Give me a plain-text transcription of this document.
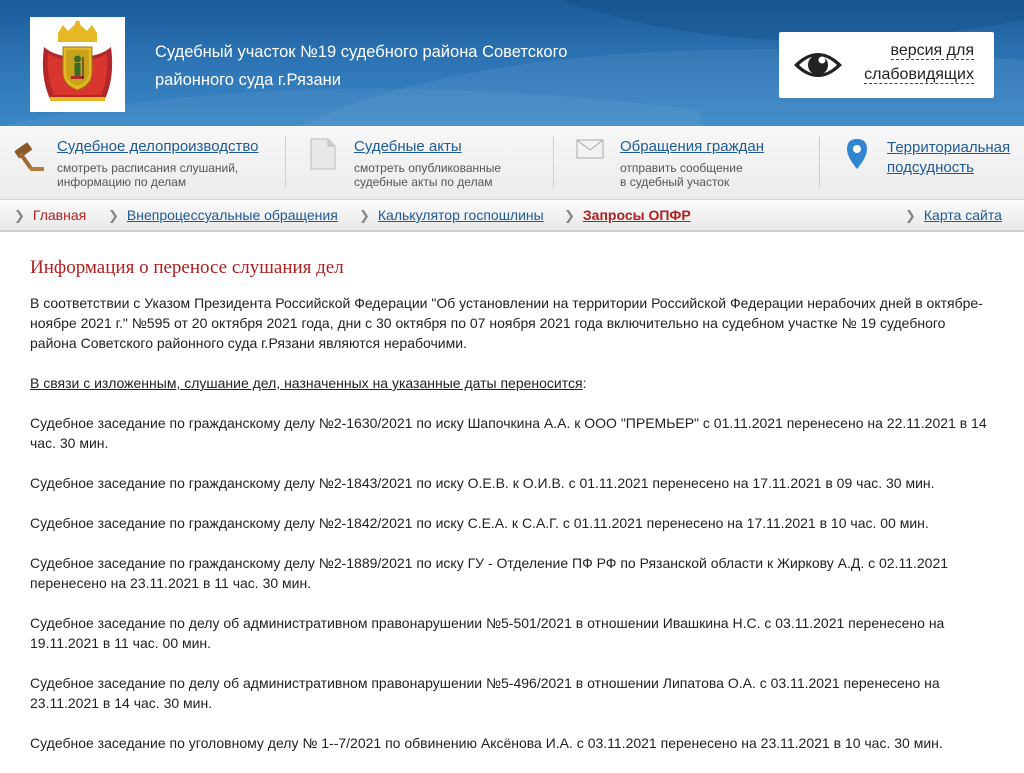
Судебный участок №19 судебного района Советского районного суда г.Рязани
версия для
слабовидящих
Судебное делопроизводство
смотреть расписания слушаний,
информацию по делам
Судебные акты
смотреть опубликованные
судебные акты по делам
Обращения граждан
отправить сообщение
в судебный участок
Территориальная
подсудность
❯ Главная ❯ Внепроцессуальные обращения ❯ Калькулятор госпошлины ❯ Запросы ОПФР	❯ Карта сайта
Информация о переносе слушания дел

В соответствии с Указом Президента Российской Федерации "Об установлении на территории Российской Федерации нерабочих дней в октябре-ноябре 2021 г." №595 от 20 октября 2021 года, дни с 30 октября по 07 ноября 2021 года включительно на судебном участке № 19 судебного района Советского районного суда г.Рязани являются нерабочими.

В связи с изложенным, слушание дел, назначенных на указанные даты переносится:

Судебное заседание по гражданскому делу №2-1630/2021 по иску Шапочкина А.А. к ООО "ПРЕМЬЕР" с 01.11.2021 перенесено на 22.11.2021 в 14 час. 30 мин.

Судебное заседание по гражданскому делу №2-1843/2021 по иску О.Е.В. к О.И.В. с 01.11.2021 перенесено на 17.11.2021 в 09 час. 30 мин.

Судебное заседание по гражданскому делу №2-1842/2021 по иску С.Е.А. к С.А.Г. с 01.11.2021 перенесено на 17.11.2021 в 10 час. 00 мин.

Судебное заседание по гражданскому делу №2-1889/2021 по иску ГУ - Отделение ПФ РФ по Рязанской области к Жиркову А.Д. с 02.11.2021 перенесено на 23.11.2021 в 11 час. 30 мин.

Судебное заседание по делу об административном правонарушении №5-501/2021 в отношении Ивашкина Н.С. с 03.11.2021 перенесено на 19.11.2021 в 11 час. 00 мин.

Судебное заседание по делу об административном правонарушении №5-496/2021 в отношении Липатова О.А. с 03.11.2021 перенесено на 23.11.2021 в 14 час. 30 мин.

Судебное заседание по уголовному делу № 1--7/2021 по обвинению Аксёнова И.А. с 03.11.2021 перенесено на 23.11.2021 в 10 час. 30 мин.
